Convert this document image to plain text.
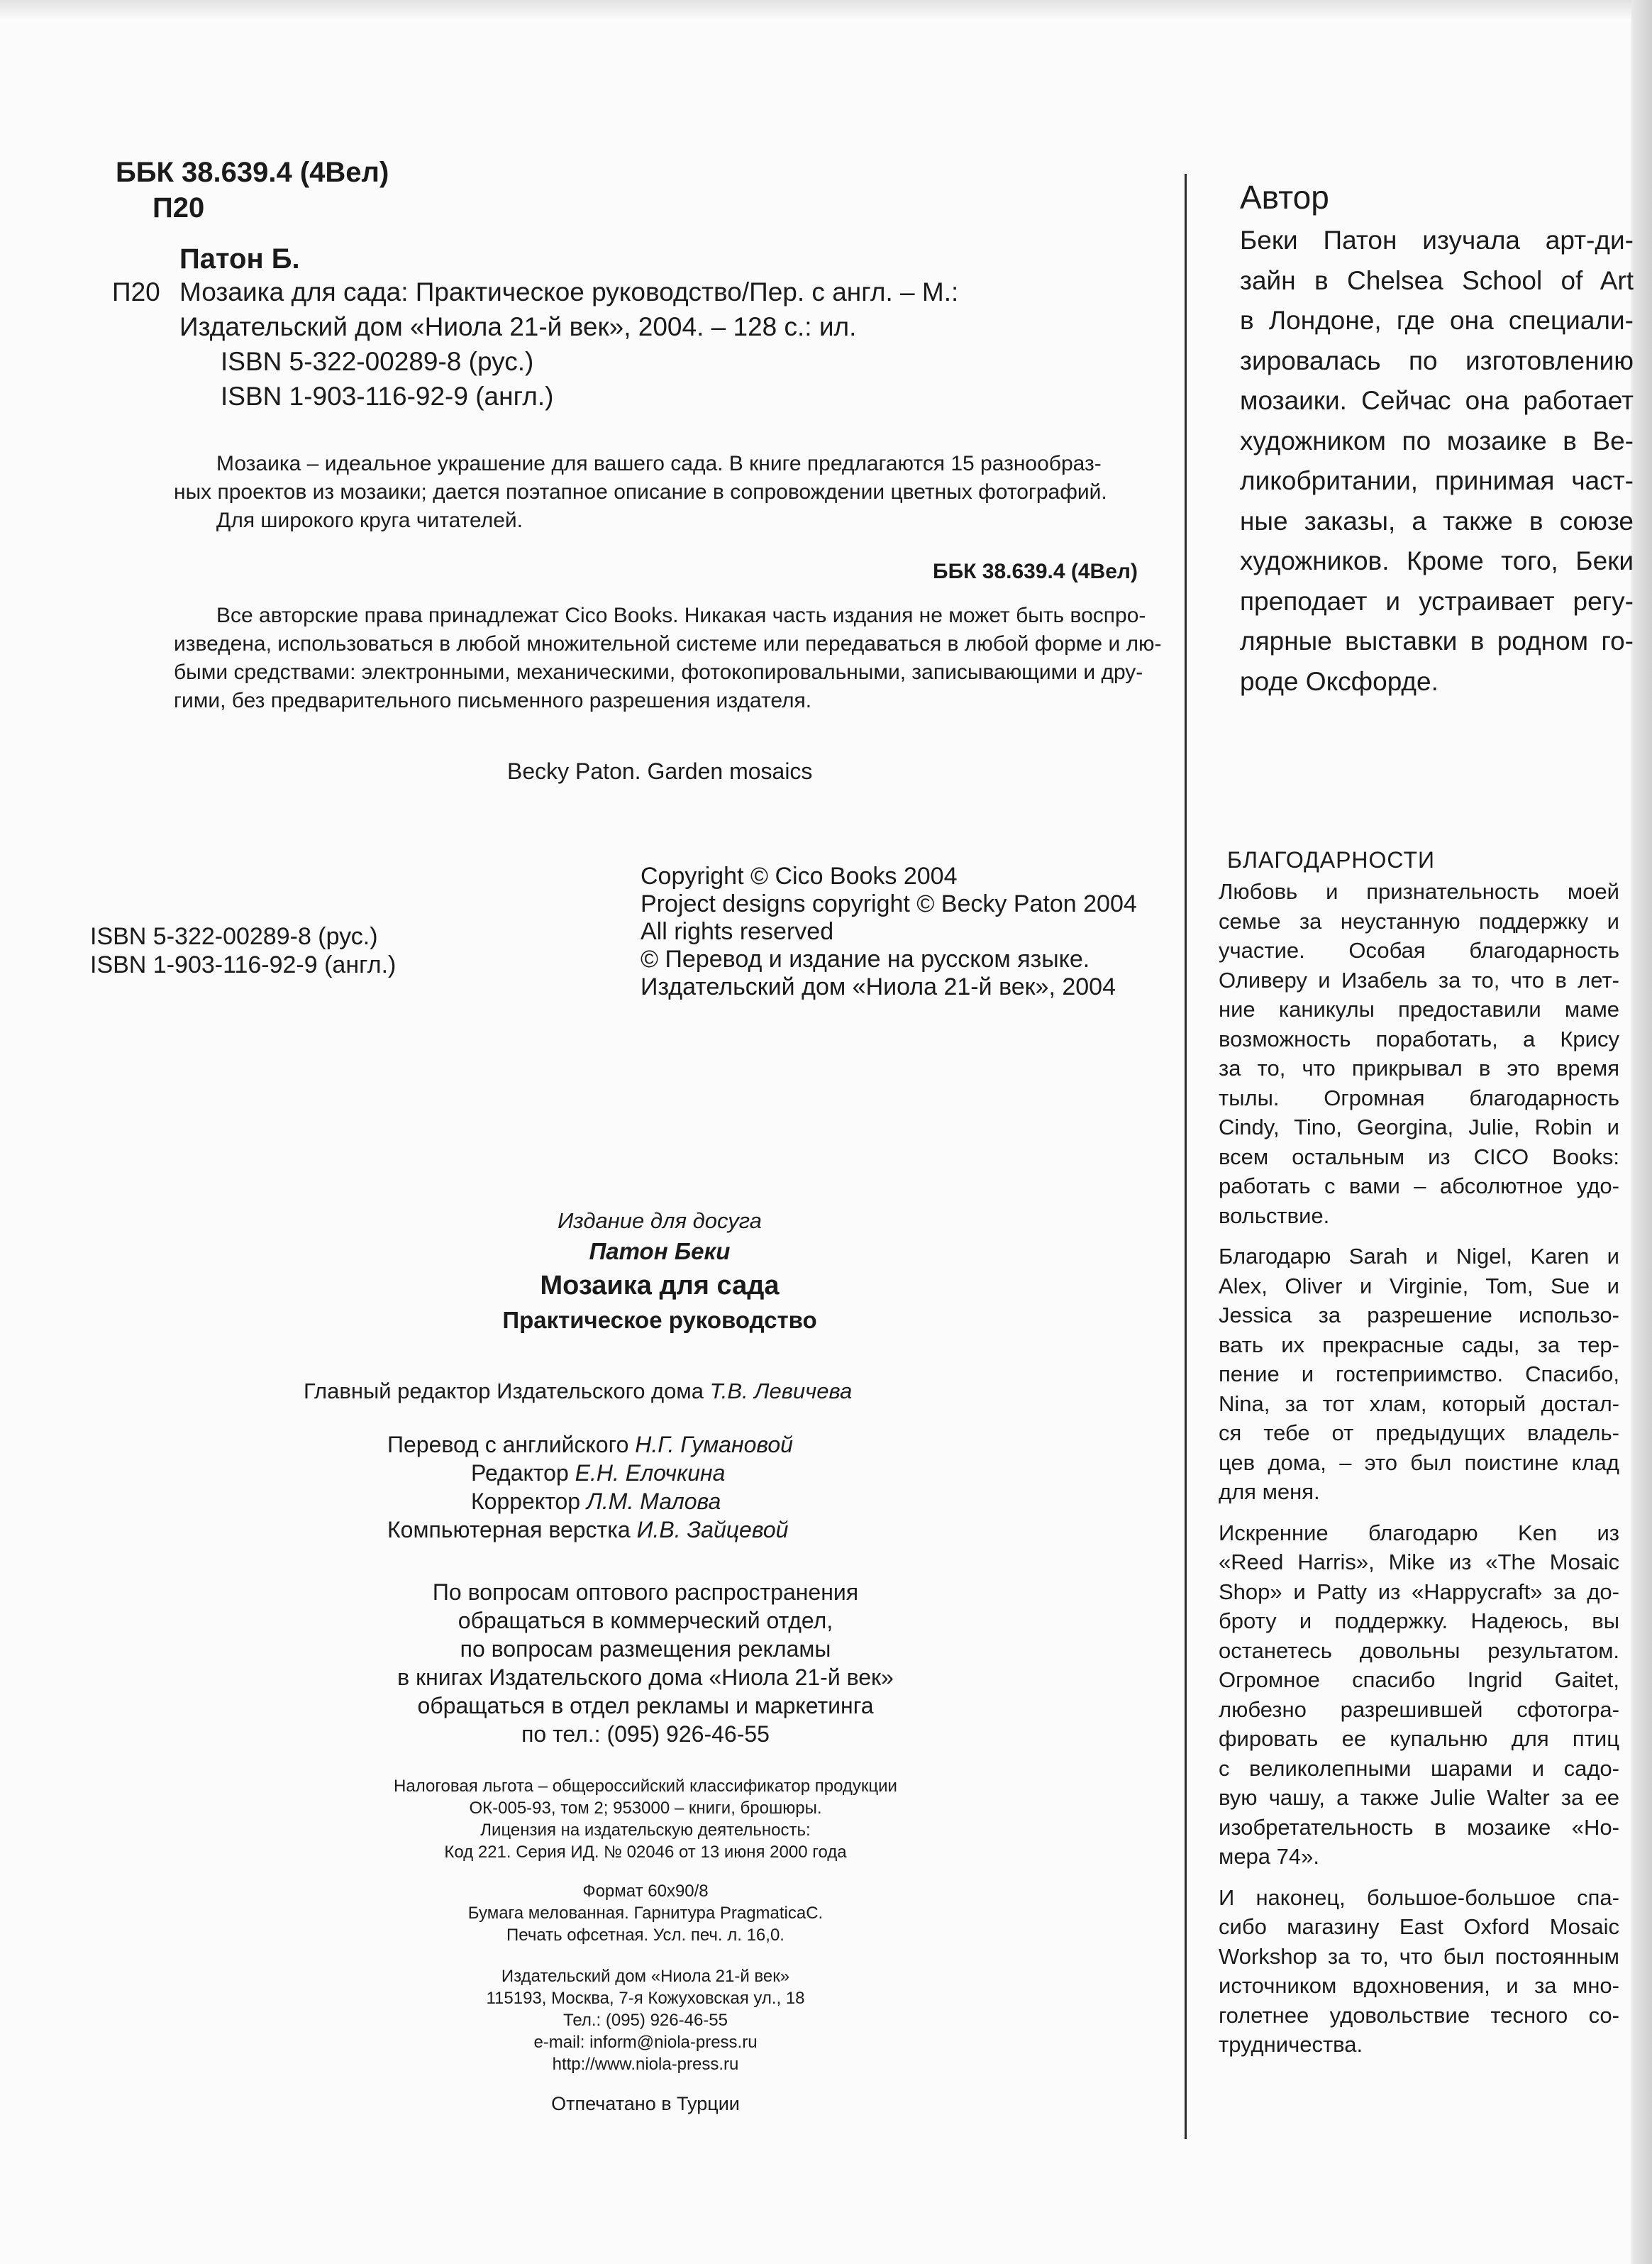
ББК 38.639.4 (4Вел)
П20
Патон Б.
П20 Мозаика для сада: Практическое руководство/Пер. с англ. – М.:
Издательский дом «Ниола 21-й век», 2004. – 128 с.: ил.
ISBN 5-322-00289-8 (рус.)
ISBN 1-903-116-92-9 (англ.)
Мозаика – идеальное украшение для вашего сада. В книге предлагаются 15 разнообраз-
ных проектов из мозаики; дается поэтапное описание в сопровождении цветных фотографий.
Для широкого круга читателей.
ББК 38.639.4 (4Вел)
Все авторские права принадлежат Cico Books. Никакая часть издания не может быть воспро-
изведена, использоваться в любой множительной системе или передаваться в любой форме и лю-
быми средствами: электронными, механическими, фотокопировальными, записывающими и дру-
гими, без предварительного письменного разрешения издателя.
Becky Paton. Garden mosaics
Copyright © Cico Books 2004
Project designs copyright © Becky Paton 2004
All rights reserved
© Перевод и издание на русском языке.
Издательский дом «Ниола 21-й век», 2004
ISBN 5-322-00289-8 (рус.)
ISBN 1-903-116-92-9 (англ.)
Издание для досуга
Патон Беки
Мозаика для сада
Практическое руководство
Главный редактор Издательского дома Т.В. Левичева
Перевод с английского Н.Г. Гумановой
Редактор Е.Н. Елочкина
Корректор Л.М. Малова
Компьютерная верстка И.В. Зайцевой
По вопросам оптового распространения
обращаться в коммерческий отдел,
по вопросам размещения рекламы
в книгах Издательского дома «Ниола 21-й век»
обращаться в отдел рекламы и маркетинга
по тел.: (095) 926-46-55
Налоговая льгота – общероссийский классификатор продукции
ОК-005-93, том 2; 953000 – книги, брошюры.
Лицензия на издательскую деятельность:
Код 221. Серия ИД. № 02046 от 13 июня 2000 года
Формат 60х90/8
Бумага мелованная. Гарнитура PragmaticaC.
Печать офсетная. Усл. печ. л. 16,0.
Издательский дом «Ниола 21-й век»
115193, Москва, 7-я Кожуховская ул., 18
Тел.: (095) 926-46-55
e-mail: inform@niola-press.ru
http://www.niola-press.ru
Отпечатано в Турции
Автор
Беки Патон изучала арт-ди-
зайн в Chelsea School of Art
в Лондоне, где она специали-
зировалась по изготовлению
мозаики. Сейчас она работает
художником по мозаике в Ве-
ликобритании, принимая част-
ные заказы, а также в союзе
художников. Кроме того, Беки
преподает и устраивает регу-
лярные выставки в родном го-
роде Оксфорде.
БЛАГОДАРНОСТИ
Любовь и признательность моей
семье за неустанную поддержку и
участие. Особая благодарность
Оливеру и Изабель за то, что в лет-
ние каникулы предоставили маме
возможность поработать, а Крису
за то, что прикрывал в это время
тылы. Огромная благодарность
Cindy, Tino, Georgina, Julie, Robin и
всем остальным из CICO Books:
работать с вами – абсолютное удо-
вольствие.
Благодарю Sarah и Nigel, Karen и
Alex, Oliver и Virginie, Tom, Sue и
Jessica за разрешение использо-
вать их прекрасные сады, за тер-
пение и гостеприимство. Спасибо,
Nina, за тот хлам, который достал-
ся тебе от предыдущих владель-
цев дома, – это был поистине клад
для меня.
Искренние благодарю Ken из
«Reed Harris», Mike из «The Mosaic
Shop» и Patty из «Happycraft» за до-
броту и поддержку. Надеюсь, вы
останетесь довольны результатом.
Огромное спасибо Ingrid Gaitet,
любезно разрешившей сфотогра-
фировать ее купальню для птиц
с великолепными шарами и садо-
вую чашу, а также Julie Walter за ее
изобретательность в мозаике «Но-
мера 74».
И наконец, большое-большое спа-
сибо магазину East Oxford Mosaic
Workshop за то, что был постоянным
источником вдохновения, и за мно-
голетнее удовольствие тесного со-
трудничества.
